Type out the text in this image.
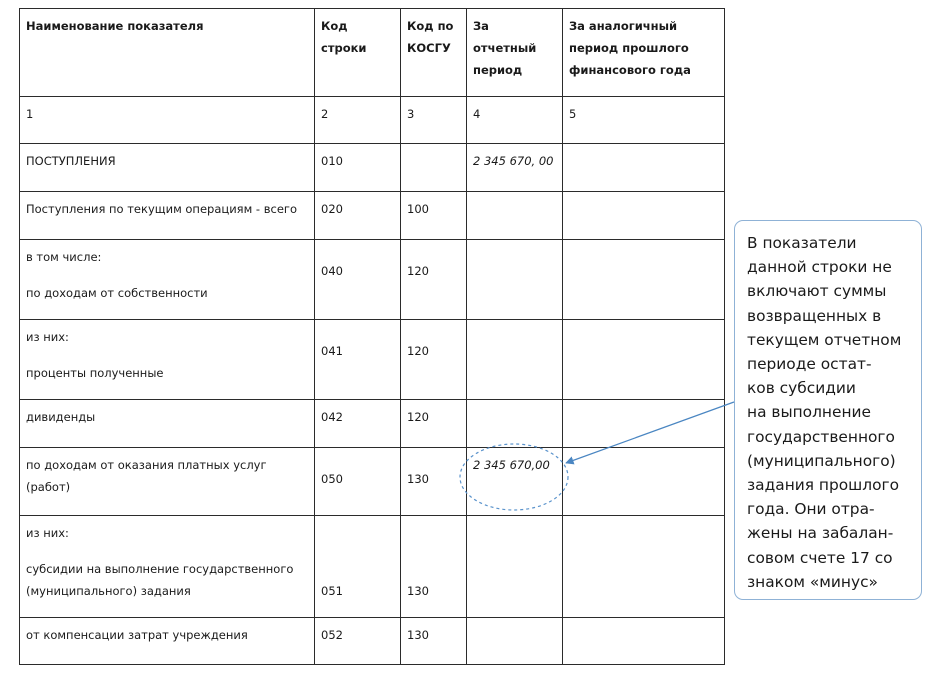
Наименование показателя	Код строки	Код по КОСГУ	За отчетный период	За аналогичный период прошлого финансового года
1	2	3	4	5
ПОСТУПЛЕНИЯ	010		2 345 670, 00	
Поступления по текущим операциям - всего	020	100		

в том числе:
по доходам от собственности	040	120		

из них:
проценты полученные	041	120		
дивиденды	042	120		

по доходам от оказания платных услуг
(работ)	050	130	2 345 670,00	

из них:
субсидии на выполнение государственного
(муниципального) задания	051	130		
от компенсации затрат учреждения	052	130		
В показатели
данной строки не
включают суммы
возвращенных в
текущем отчетном
периоде остат-
ков субсидии
на выполнение
государственного
(муниципального)
задания прошлого
года. Они отра-
жены на забалан-
совом счете 17 со
знаком «минус»
